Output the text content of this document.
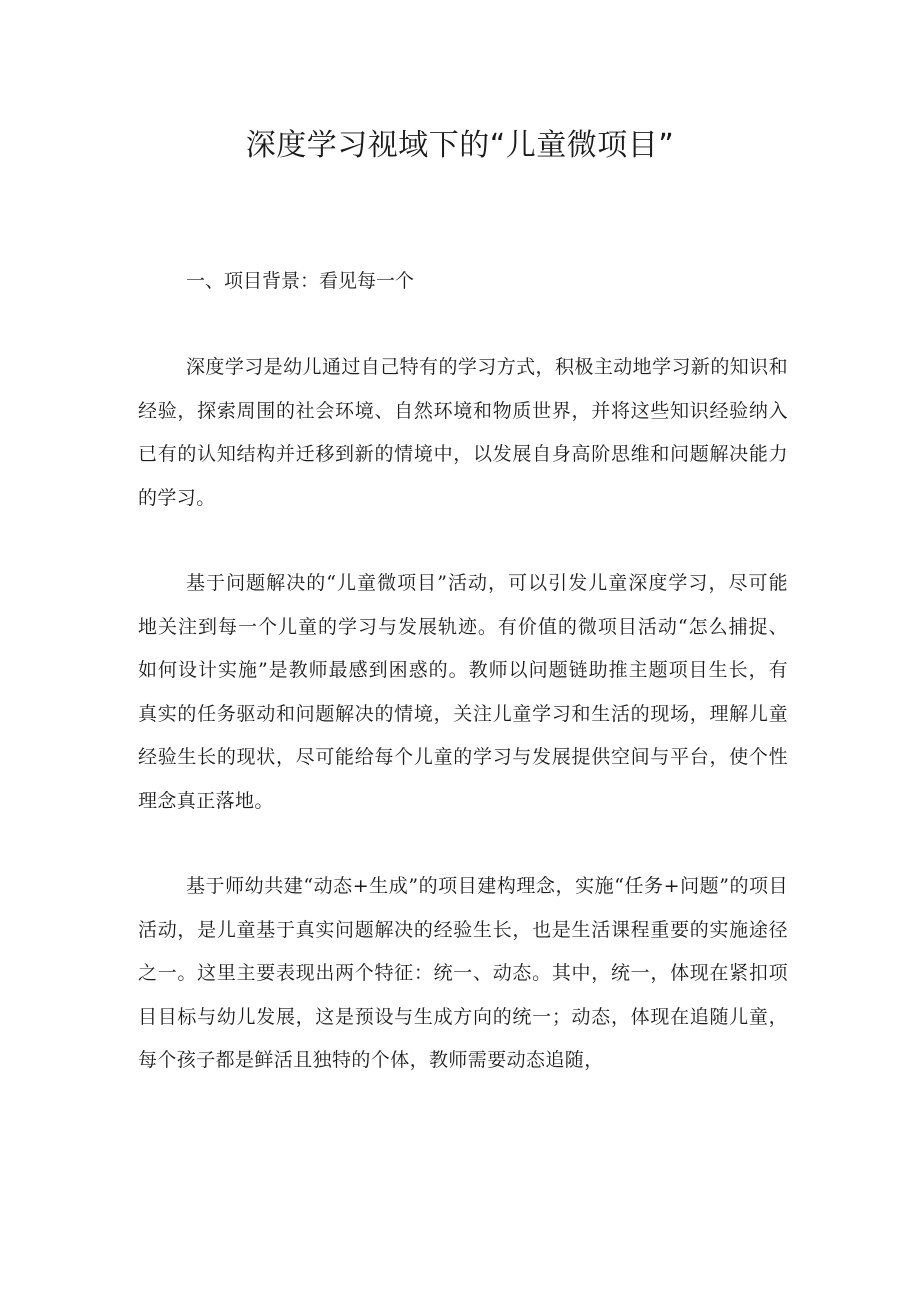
深度学习视域下的“儿童微项目”
一、项目背景：看见每一个

深度学习是幼儿通过自己特有的学习方式，积极主动地学习新的知识和经验，探索周围的社会环境、自然环境和物质世界，并将这些知识经验纳入已有的认知结构并迁移到新的情境中，以发展自身高阶思维和问题解决能力的学习。

基于问题解决的“儿童微项目”活动，可以引发儿童深度学习，尽可能地关注到每一个儿童的学习与发展轨迹。有价值的微项目活动“怎么捕捉、如何设计实施”是教师最感到困惑的。教师以问题链助推主题项目生长，有真实的任务驱动和问题解决的情境，关注儿童学习和生活的现场，理解儿童经验生长的现状，尽可能给每个儿童的学习与发展提供空间与平台，使个性理念真正落地。

基于师幼共建“动态+生成”的项目建构理念，实施“任务+问题”的项目活动，是儿童基于真实问题解决的经验生长，也是生活课程重要的实施途径之一。这里主要表现出两个特征：统一、动态。其中，统一，体现在紧扣项目目标与幼儿发展，这是预设与生成方向的统一；动态，体现在追随儿童，每个孩子都是鲜活且独特的个体，教师需要动态追随，
